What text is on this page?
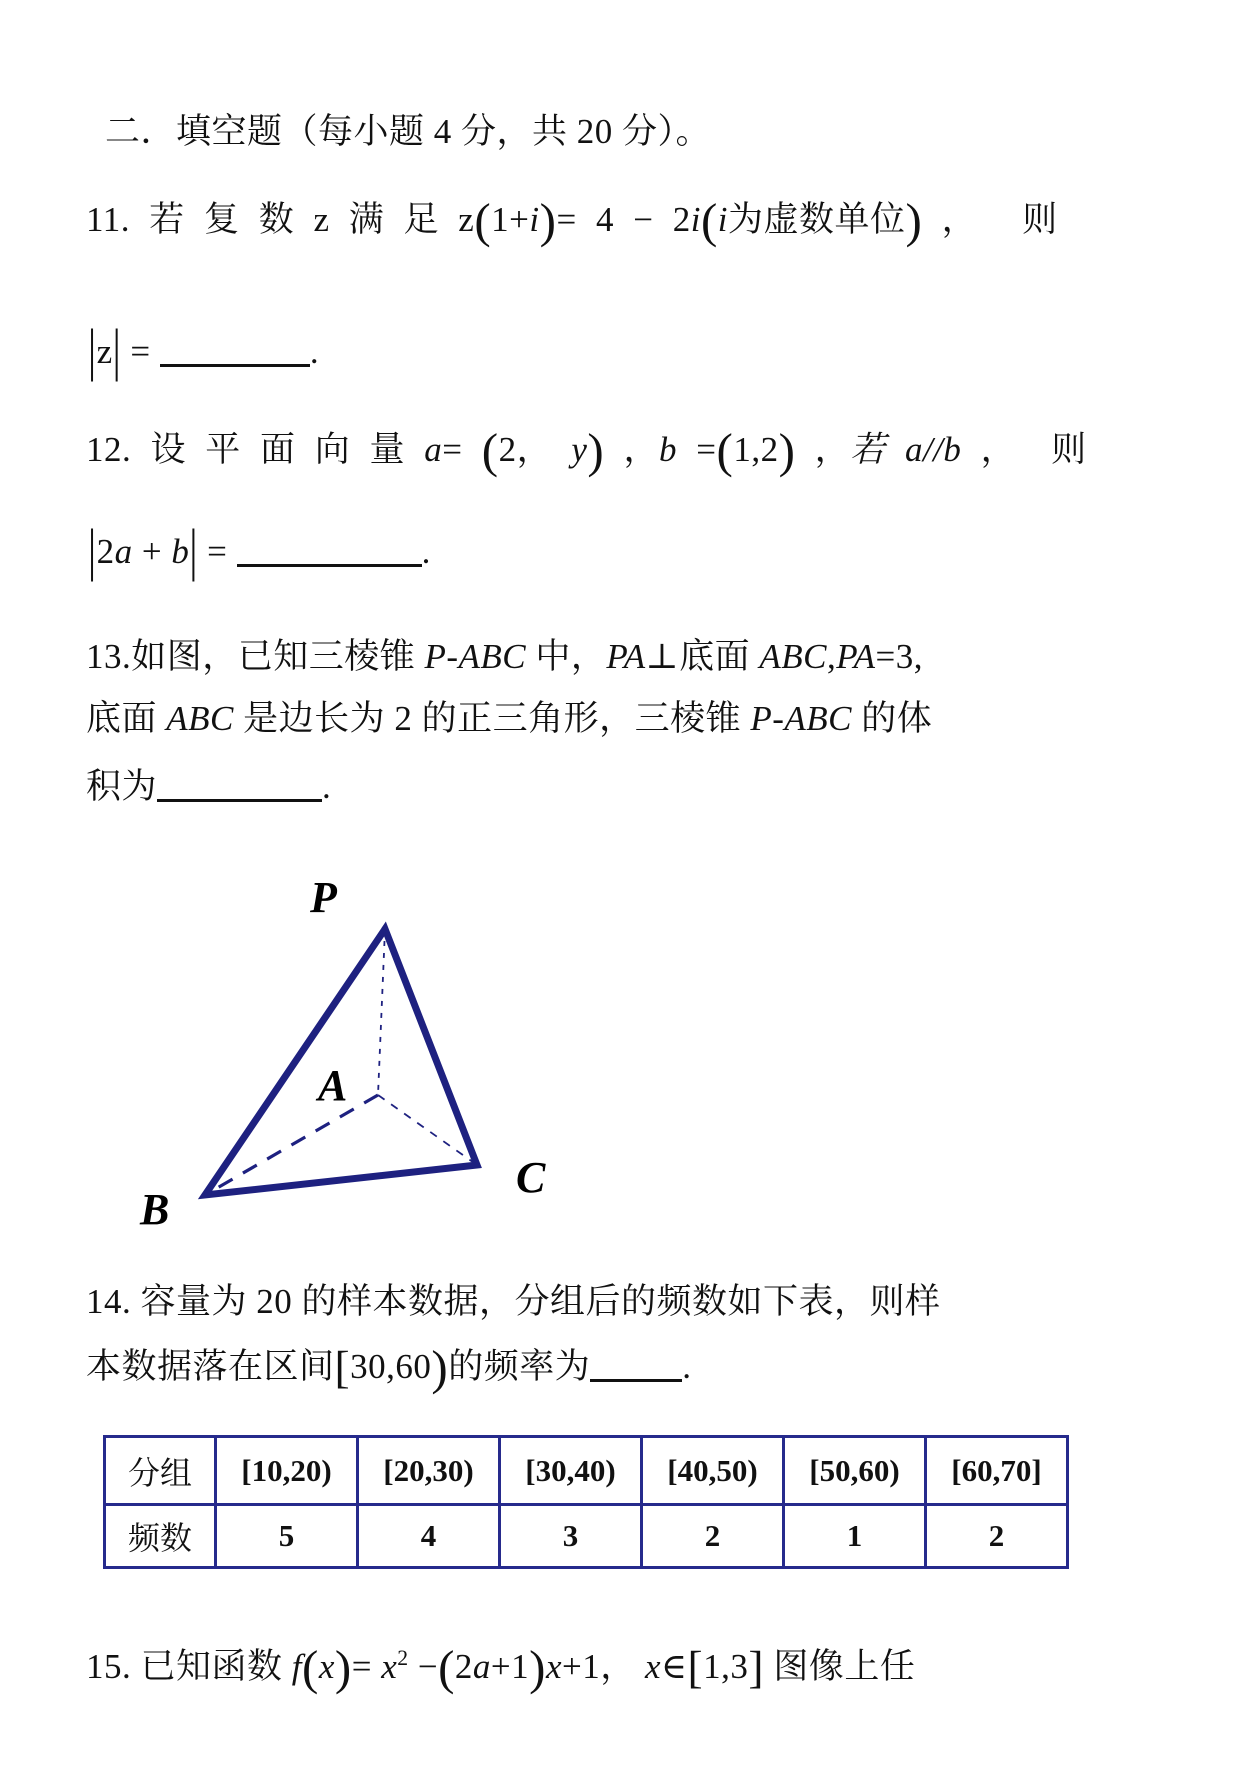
二．填空题（每小题 4 分，共 20 分）。
11. 若 复 数 z 满 足 z(1+i)= 4 − 2i(i为虚数单位) ， 则
|z| =	.
12. 设 平 面 向 量 a= (2， y) ，b =(1,2) ，若 a//b ， 则
|2a + b| =	.
13.如图，已知三棱锥 P-ABC 中，PA⊥底面 ABC,PA=3,
底面 ABC 是边长为 2 的正三角形，三棱锥 P-ABC 的体
积为	.
P
A
B
C
14. 容量为 20 的样本数据，分组后的频数如下表，则样
本数据落在区间[30,60)的频率为	.
分组	[10,20)	[20,30)	[30,40)	[40,50)	[50,60)	[60,70]
频数	5	4	3	2	1	2
15. 已知函数 $f(x)= x^2 -(2a+1)x+1$， x∈[1,3] 图像上任
